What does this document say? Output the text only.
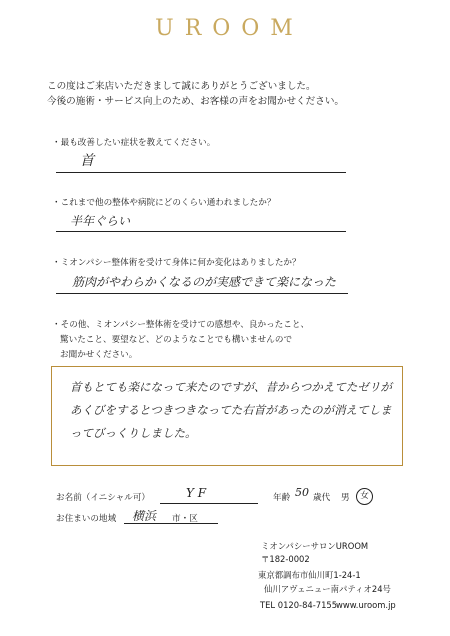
U R O O M
この度はご来店いただきまして誠にありがとうございました。
今後の施術・サービス向上のため、お客様の声をお聞かせください。
・最も改善したい症状を教えてください。
首
・これまで他の整体や病院にどのくらい通われましたか？
半年ぐらい
・ミオンパシー整体術を受けて身体に何か変化はありましたか？
筋肉がやわらかくなるのが実感できて楽になった
・その他、ミオンパシー整体術を受けての感想や、良かったこと、
驚いたこと、要望など、どのようなことでも構いませんので
お聞かせください。
首もとても楽になって来たのですが、昔からつかえてたゼリがあくびをするとつきつきなってた右首があったのが消えてしまってびっくりしました。
お名前（イニシャル可）	Y F	年齢 50 歳代 男	女
お住まいの地域 横浜 市・区
ミオンパシーサロンUROOM
〒182-0002
東京都調布市仙川町1-24-1
仙川アヴェニュー南パティオ24号
TEL 0120-84-7155
www.uroom.jp
